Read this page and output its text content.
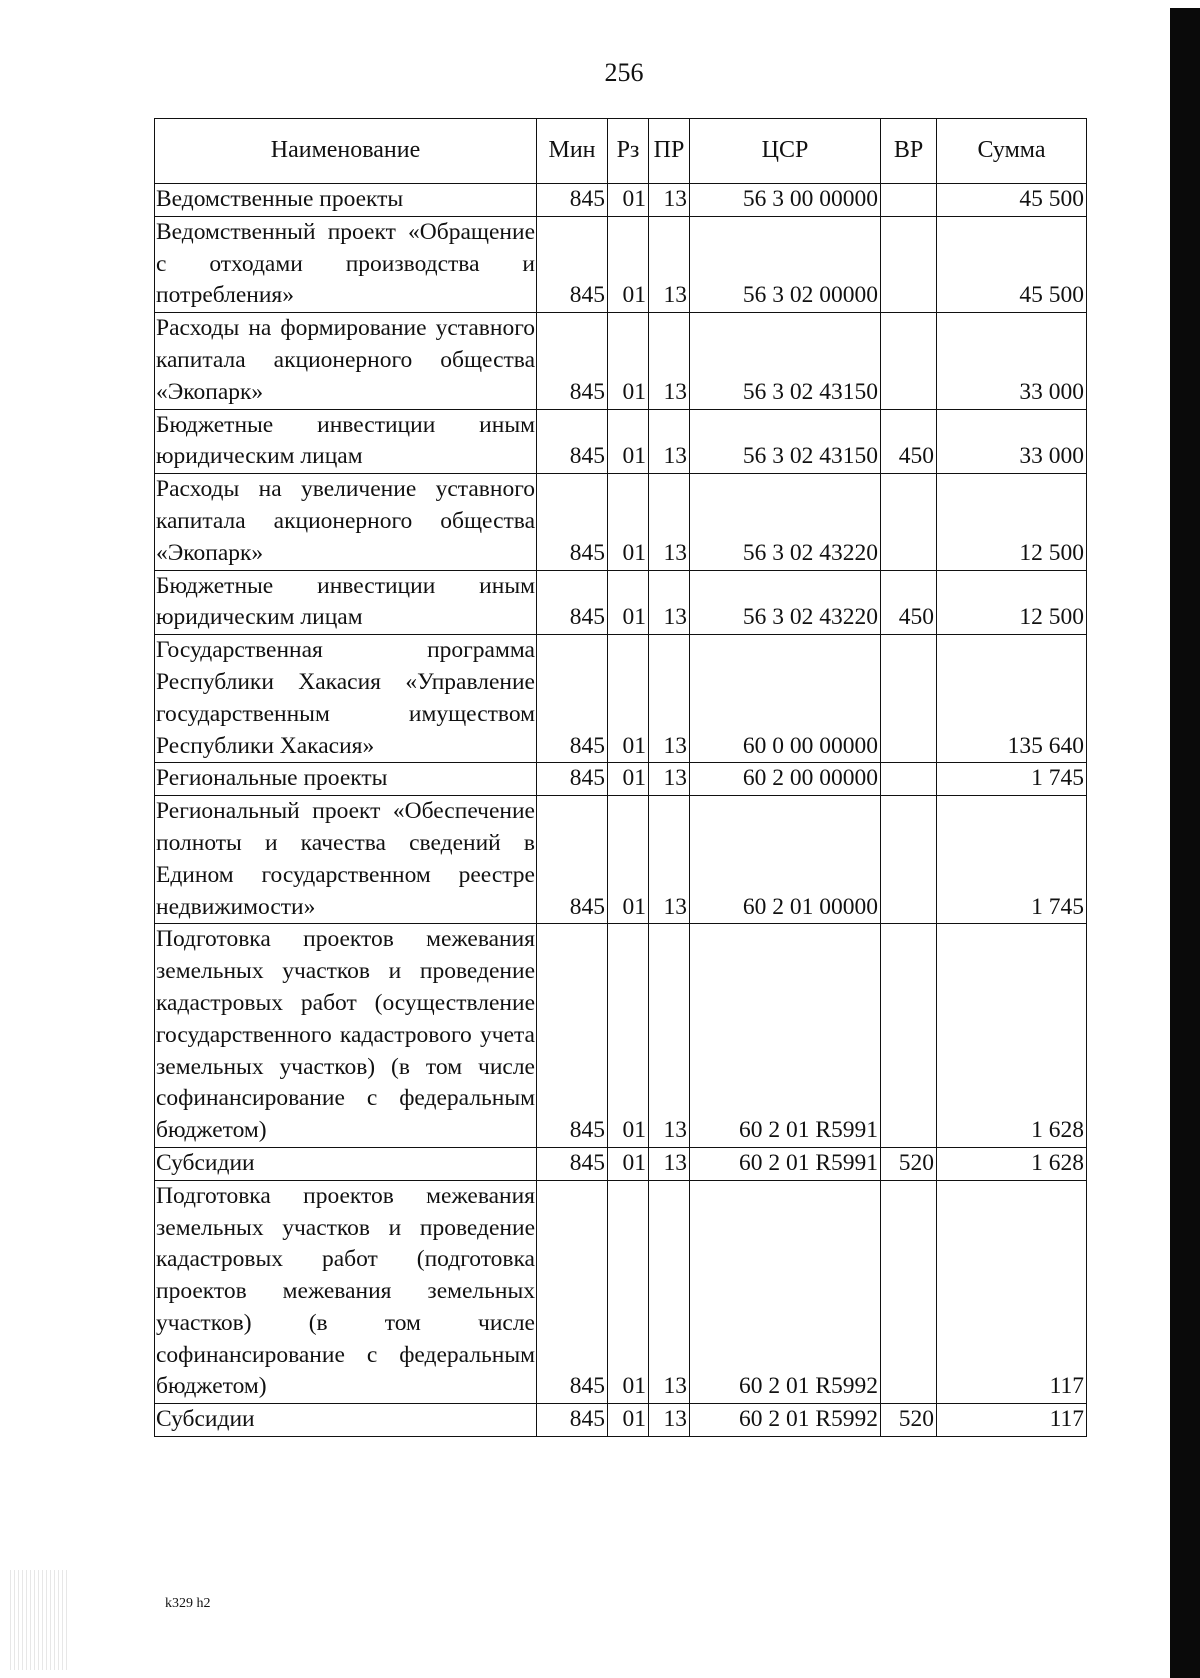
256
Наименование	Мин	Рз	ПР	ЦСР	ВР	Сумма
Ведомственные проекты	845	01	13	56 3 00 00000		45 500
Ведомственный проект «Обращение с отходами производства и потребления»	845	01	13	56 3 02 00000		45 500
Расходы на формирование уставного капитала акционерного общества «Экопарк»	845	01	13	56 3 02 43150		33 000
Бюджетные инвестиции иным юридическим лицам	845	01	13	56 3 02 43150	450	33 000
Расходы на увеличение уставного капитала акционерного общества «Экопарк»	845	01	13	56 3 02 43220		12 500
Бюджетные инвестиции иным юридическим лицам	845	01	13	56 3 02 43220	450	12 500
Государственная программа Республики Хакасия «Управление государственным имуществом Республики Хакасия»	845	01	13	60 0 00 00000		135 640
Региональные проекты	845	01	13	60 2 00 00000		1 745
Региональный проект «Обеспечение полноты и качества сведений в Едином государственном реестре недвижимости»	845	01	13	60 2 01 00000		1 745
Подготовка проектов межевания земельных участков и проведение кадастровых работ (осуществление государственного кадастрового учета земельных участков) (в том числе софинансирование с федеральным бюджетом)	845	01	13	60 2 01 R5991		1 628
Субсидии	845	01	13	60 2 01 R5991	520	1 628
Подготовка проектов межевания земельных участков и проведение кадастровых работ (подготовка проектов межевания земельных участков) (в том числе софинансирование с федеральным бюджетом)	845	01	13	60 2 01 R5992		117
Субсидии	845	01	13	60 2 01 R5992	520	117
k329 h2
